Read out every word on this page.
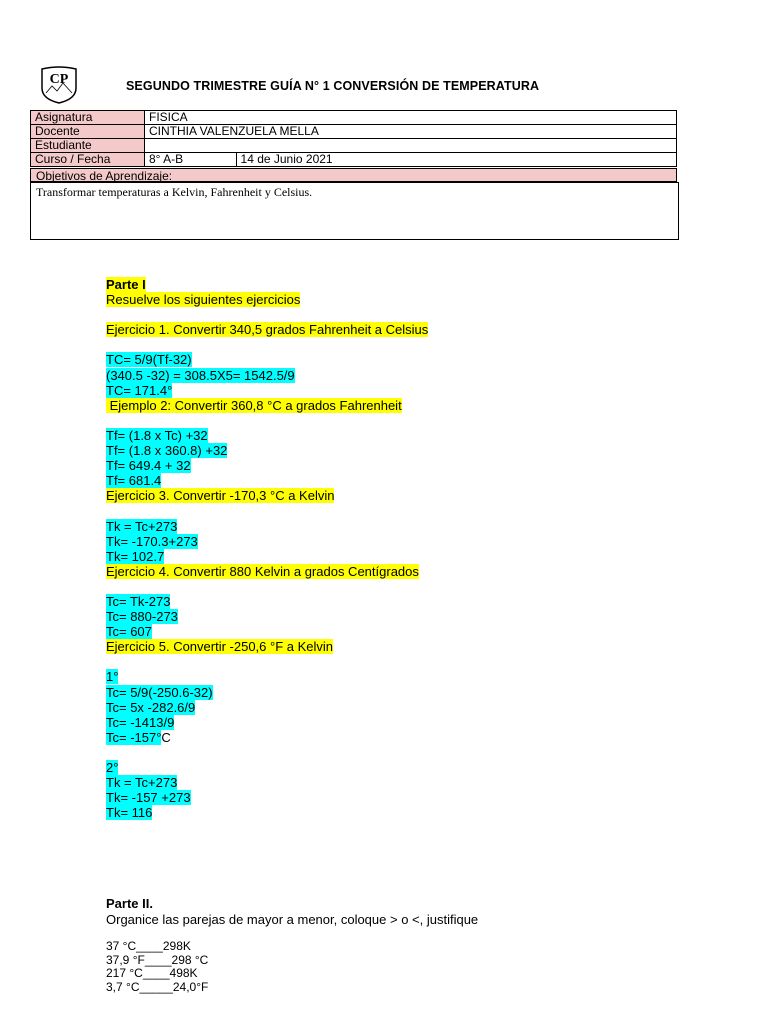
CP	SEGUNDO TRIMESTRE GUÍA N° 1 CONVERSIÓN DE TEMPERATURA
Asignatura	FISICA	
Docente	CINTHIA VALENZUELA MELLA	
Estudiante		
Curso / Fecha	8° A-B	14 de Junio 2021
Objetivos de Aprendizaje:
Transformar temperaturas a Kelvin, Fahrenheit y Celsius.
Parte I
Resuelve los siguientes ejercicios
Ejercicio 1. Convertir 340,5 grados Fahrenheit a Celsius
TC= 5/9(Tf-32)
(340.5 -32) = 308.5X5= 1542.5/9
TC= 171.4°
Ejemplo 2: Convertir 360,8 °C a grados Fahrenheit
Tf= (1.8 x Tc) +32
Tf= (1.8 x 360.8) +32
Tf= 649.4 + 32
Tf= 681.4
Ejercicio 3. Convertir -170,3 °C a Kelvin
Tk = Tc+273
Tk= -170.3+273
Tk= 102.7
Ejercicio 4. Convertir 880 Kelvin a grados Centígrados
Tc= Tk-273
Tc= 880-273
Tc= 607
Ejercicio 5. Convertir -250,6 °F a Kelvin
1°
Tc= 5/9(-250.6-32)
Tc= 5x -282.6/9
Tc= -1413/9
Tc= -157°C
2°
Tk = Tc+273
Tk= -157 +273
Tk= 116
Parte II.
Organice las parejas de mayor a menor, coloque > o <, justifique
37 °C____298K
37,9 °F____298 °C
217 °C____498K
3,7 °C_____24,0°F
